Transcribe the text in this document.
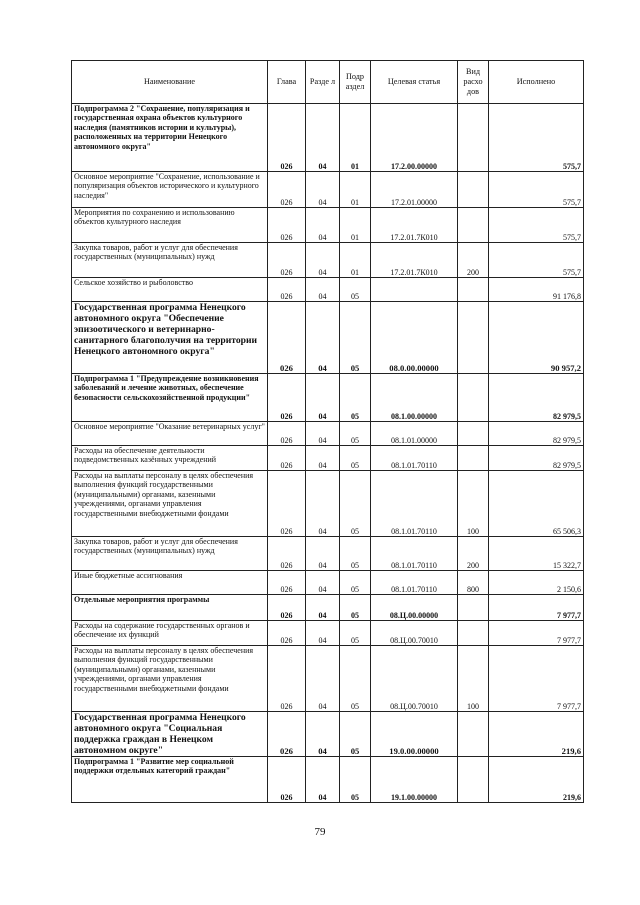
Наименование	Глава	Разде л	Подр аздел	Целевая статья	Вид расхо дов	Исполнено
Подпрограмма 2 "Сохранение, популяризация и государственная охрана объектов культурного наследия (памятников истории и культуры), расположенных на территории Ненецкого автономного округа"	026	04	01	17.2.00.00000		575,7
Основное мероприятие "Сохранение, использование и популяризация объектов исторического и культурного наследия"	026	04	01	17.2.01.00000		575,7
Мероприятия по сохранению и использованию объектов культурного наследия	026	04	01	17.2.01.7К010		575,7
Закупка товаров, работ и услуг для обеспечения государственных (муниципальных) нужд	026	04	01	17.2.01.7К010	200	575,7
Сельское хозяйство и рыболовство	026	04	05			91 176,8
Государственная программа Ненецкого автономного округа "Обеспечение эпизоотического и ветеринарно-санитарного благополучия на территории Ненецкого автономного округа"	026	04	05	08.0.00.00000		90 957,2
Подпрограмма 1 "Предупреждение возникновения заболеваний и лечение животных, обеспечение безопасности сельскохозяйственной продукции"	026	04	05	08.1.00.00000		82 979,5
Основное мероприятие "Оказание ветеринарных услуг"	026	04	05	08.1.01.00000		82 979,5
Расходы на обеспечение деятельности подведомственных казённых учреждений	026	04	05	08.1.01.70110		82 979,5
Расходы на выплаты персоналу в целях обеспечения выполнения функций государственными (муниципальными) органами, казенными учреждениями, органами управления государственными внебюджетными фондами	026	04	05	08.1.01.70110	100	65 506,3
Закупка товаров, работ и услуг для обеспечения государственных (муниципальных) нужд	026	04	05	08.1.01.70110	200	15 322,7
Иные бюджетные ассигнования	026	04	05	08.1.01.70110	800	2 150,6
Отдельные мероприятия программы	026	04	05	08.Ц.00.00000		7 977,7
Расходы на содержание государственных органов и обеспечение их функций	026	04	05	08.Ц.00.70010		7 977,7
Расходы на выплаты персоналу в целях обеспечения выполнения функций государственными (муниципальными) органами, казенными учреждениями, органами управления государственными внебюджетными фондами	026	04	05	08.Ц.00.70010	100	7 977,7
Государственная программа Ненецкого автономного округа "Социальная поддержка граждан в Ненецком автономном округе"	026	04	05	19.0.00.00000		219,6
Подпрограмма 1 "Развитие мер социальной поддержки отдельных категорий граждан"	026	04	05	19.1.00.00000		219,6
79
